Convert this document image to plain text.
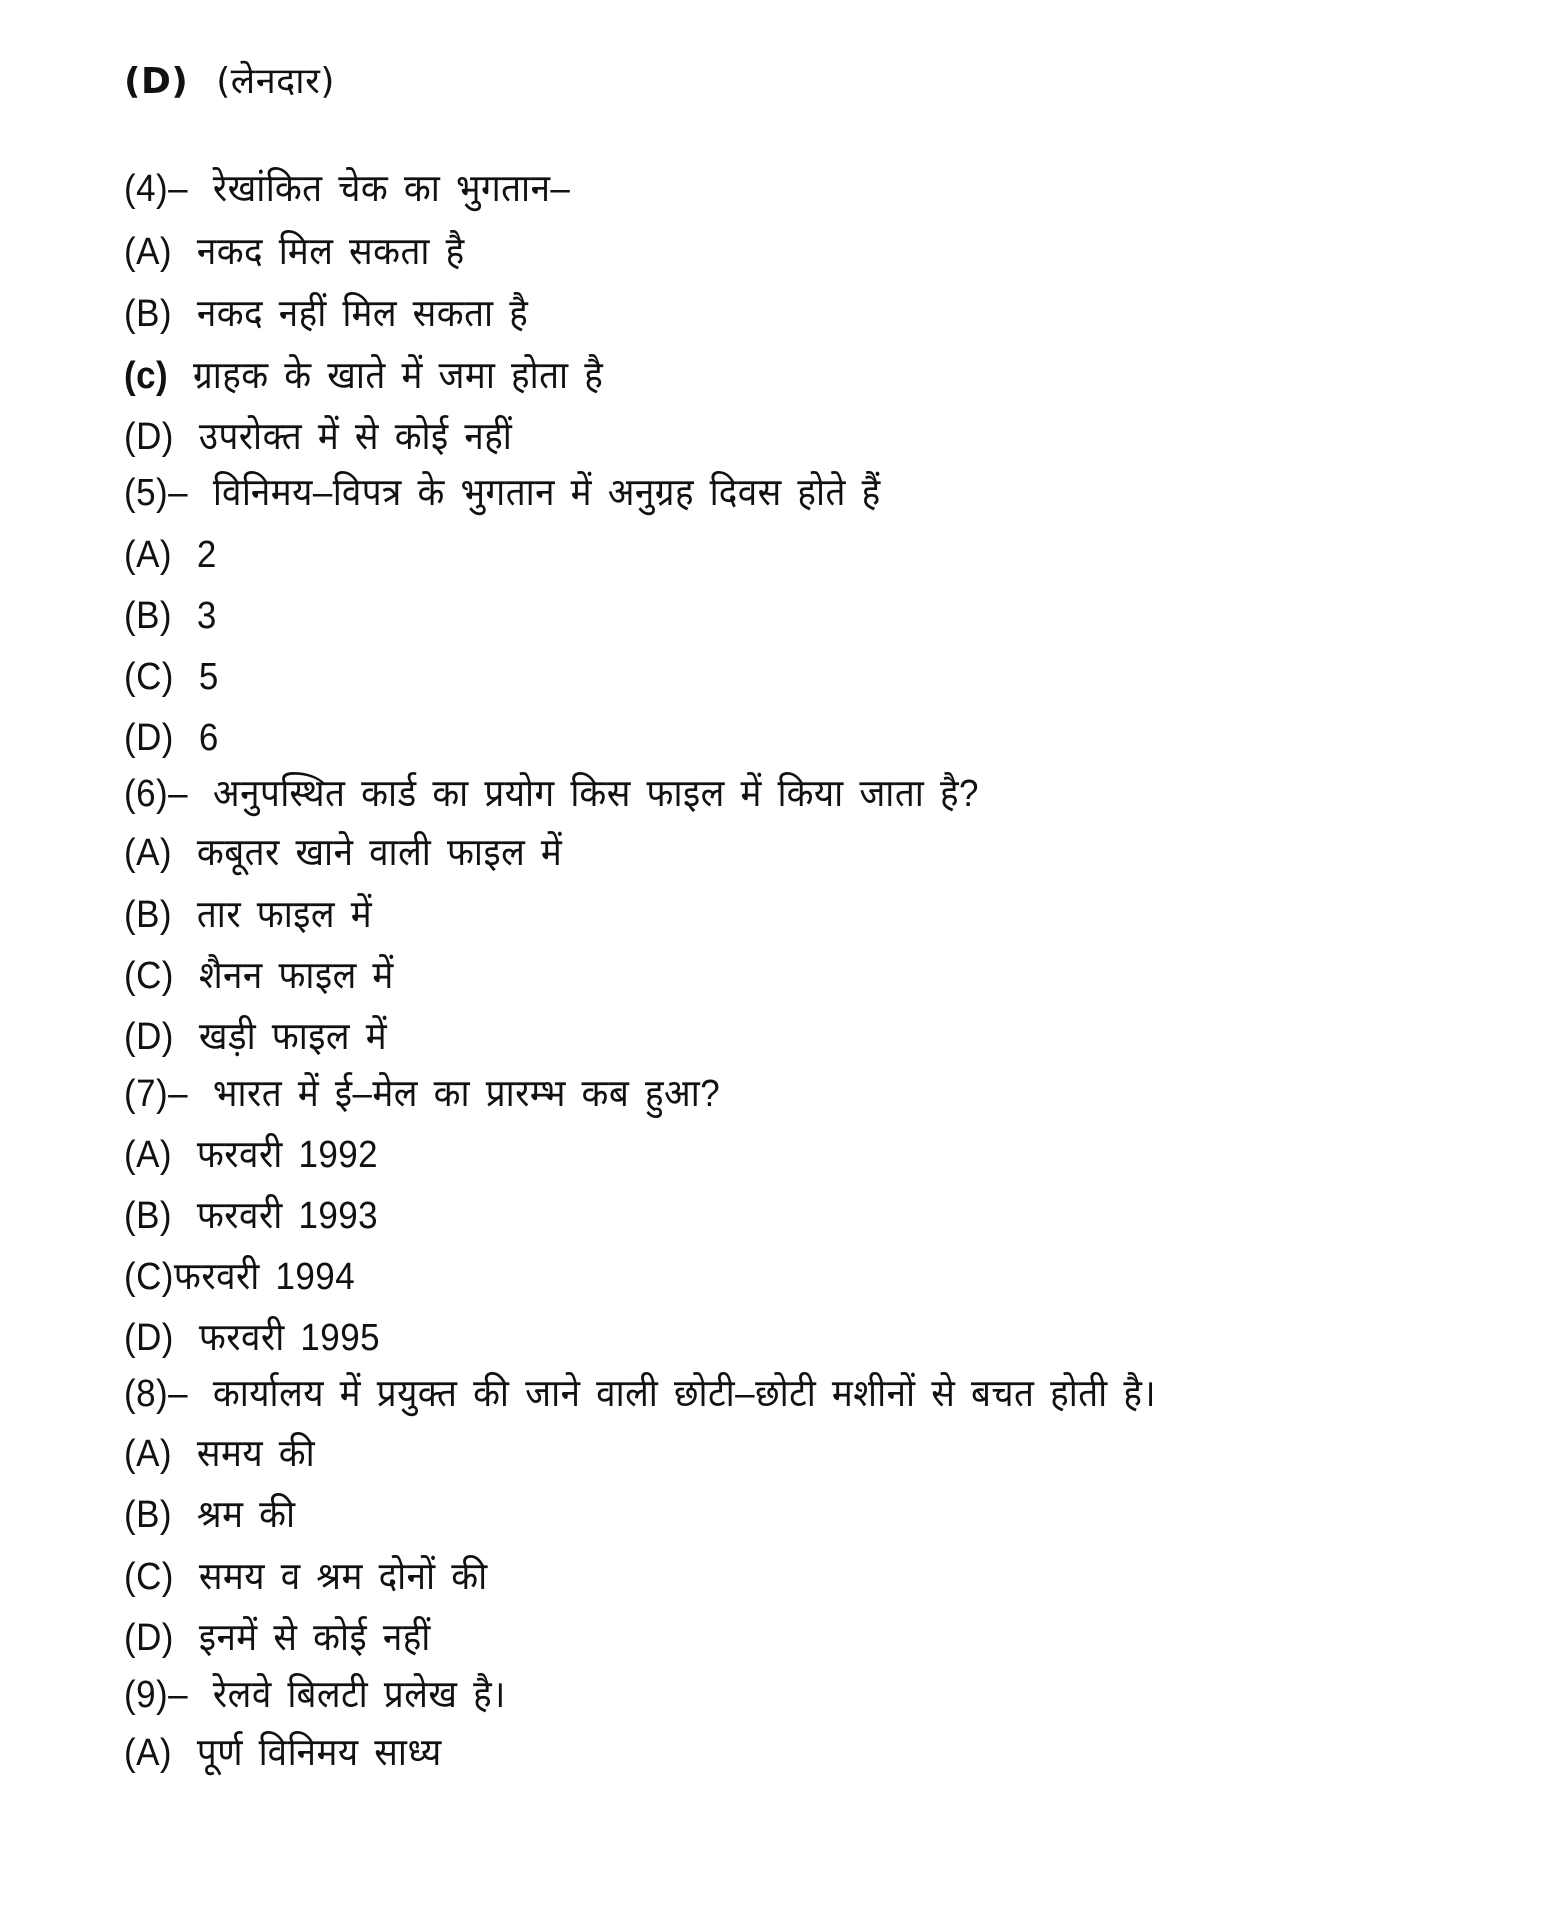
(D) (लेनदार)
(4)– रेखांकित चेक का भुगतान–
(A) नकद मिल सकता है
(B) नकद नहीं मिल सकता है
(c) ग्राहक के खाते में जमा होता है
(D) उपरोक्त में से कोई नहीं
(5)– विनिमय–विपत्र के भुगतान में अनुग्रह दिवस होते हैं
(A) 2
(B) 3
(C) 5
(D) 6
(6)– अनुपस्थित कार्ड का प्रयोग किस फाइल में किया जाता है?
(A) कबूतर खाने वाली फाइल में
(B) तार फाइल में
(C) शैनन फाइल में
(D) खड़ी फाइल में
(7)– भारत में ई–मेल का प्रारम्भ कब हुआ?
(A) फरवरी 1992
(B) फरवरी 1993
(C)फरवरी 1994
(D) फरवरी 1995
(8)– कार्यालय में प्रयुक्त की जाने वाली छोटी–छोटी मशीनों से बचत होती है।
(A) समय की
(B) श्रम की
(C) समय व श्रम दोनों की
(D) इनमें से कोई नहीं
(9)– रेलवे बिलटी प्रलेख है।
(A) पूर्ण विनिमय साध्य
